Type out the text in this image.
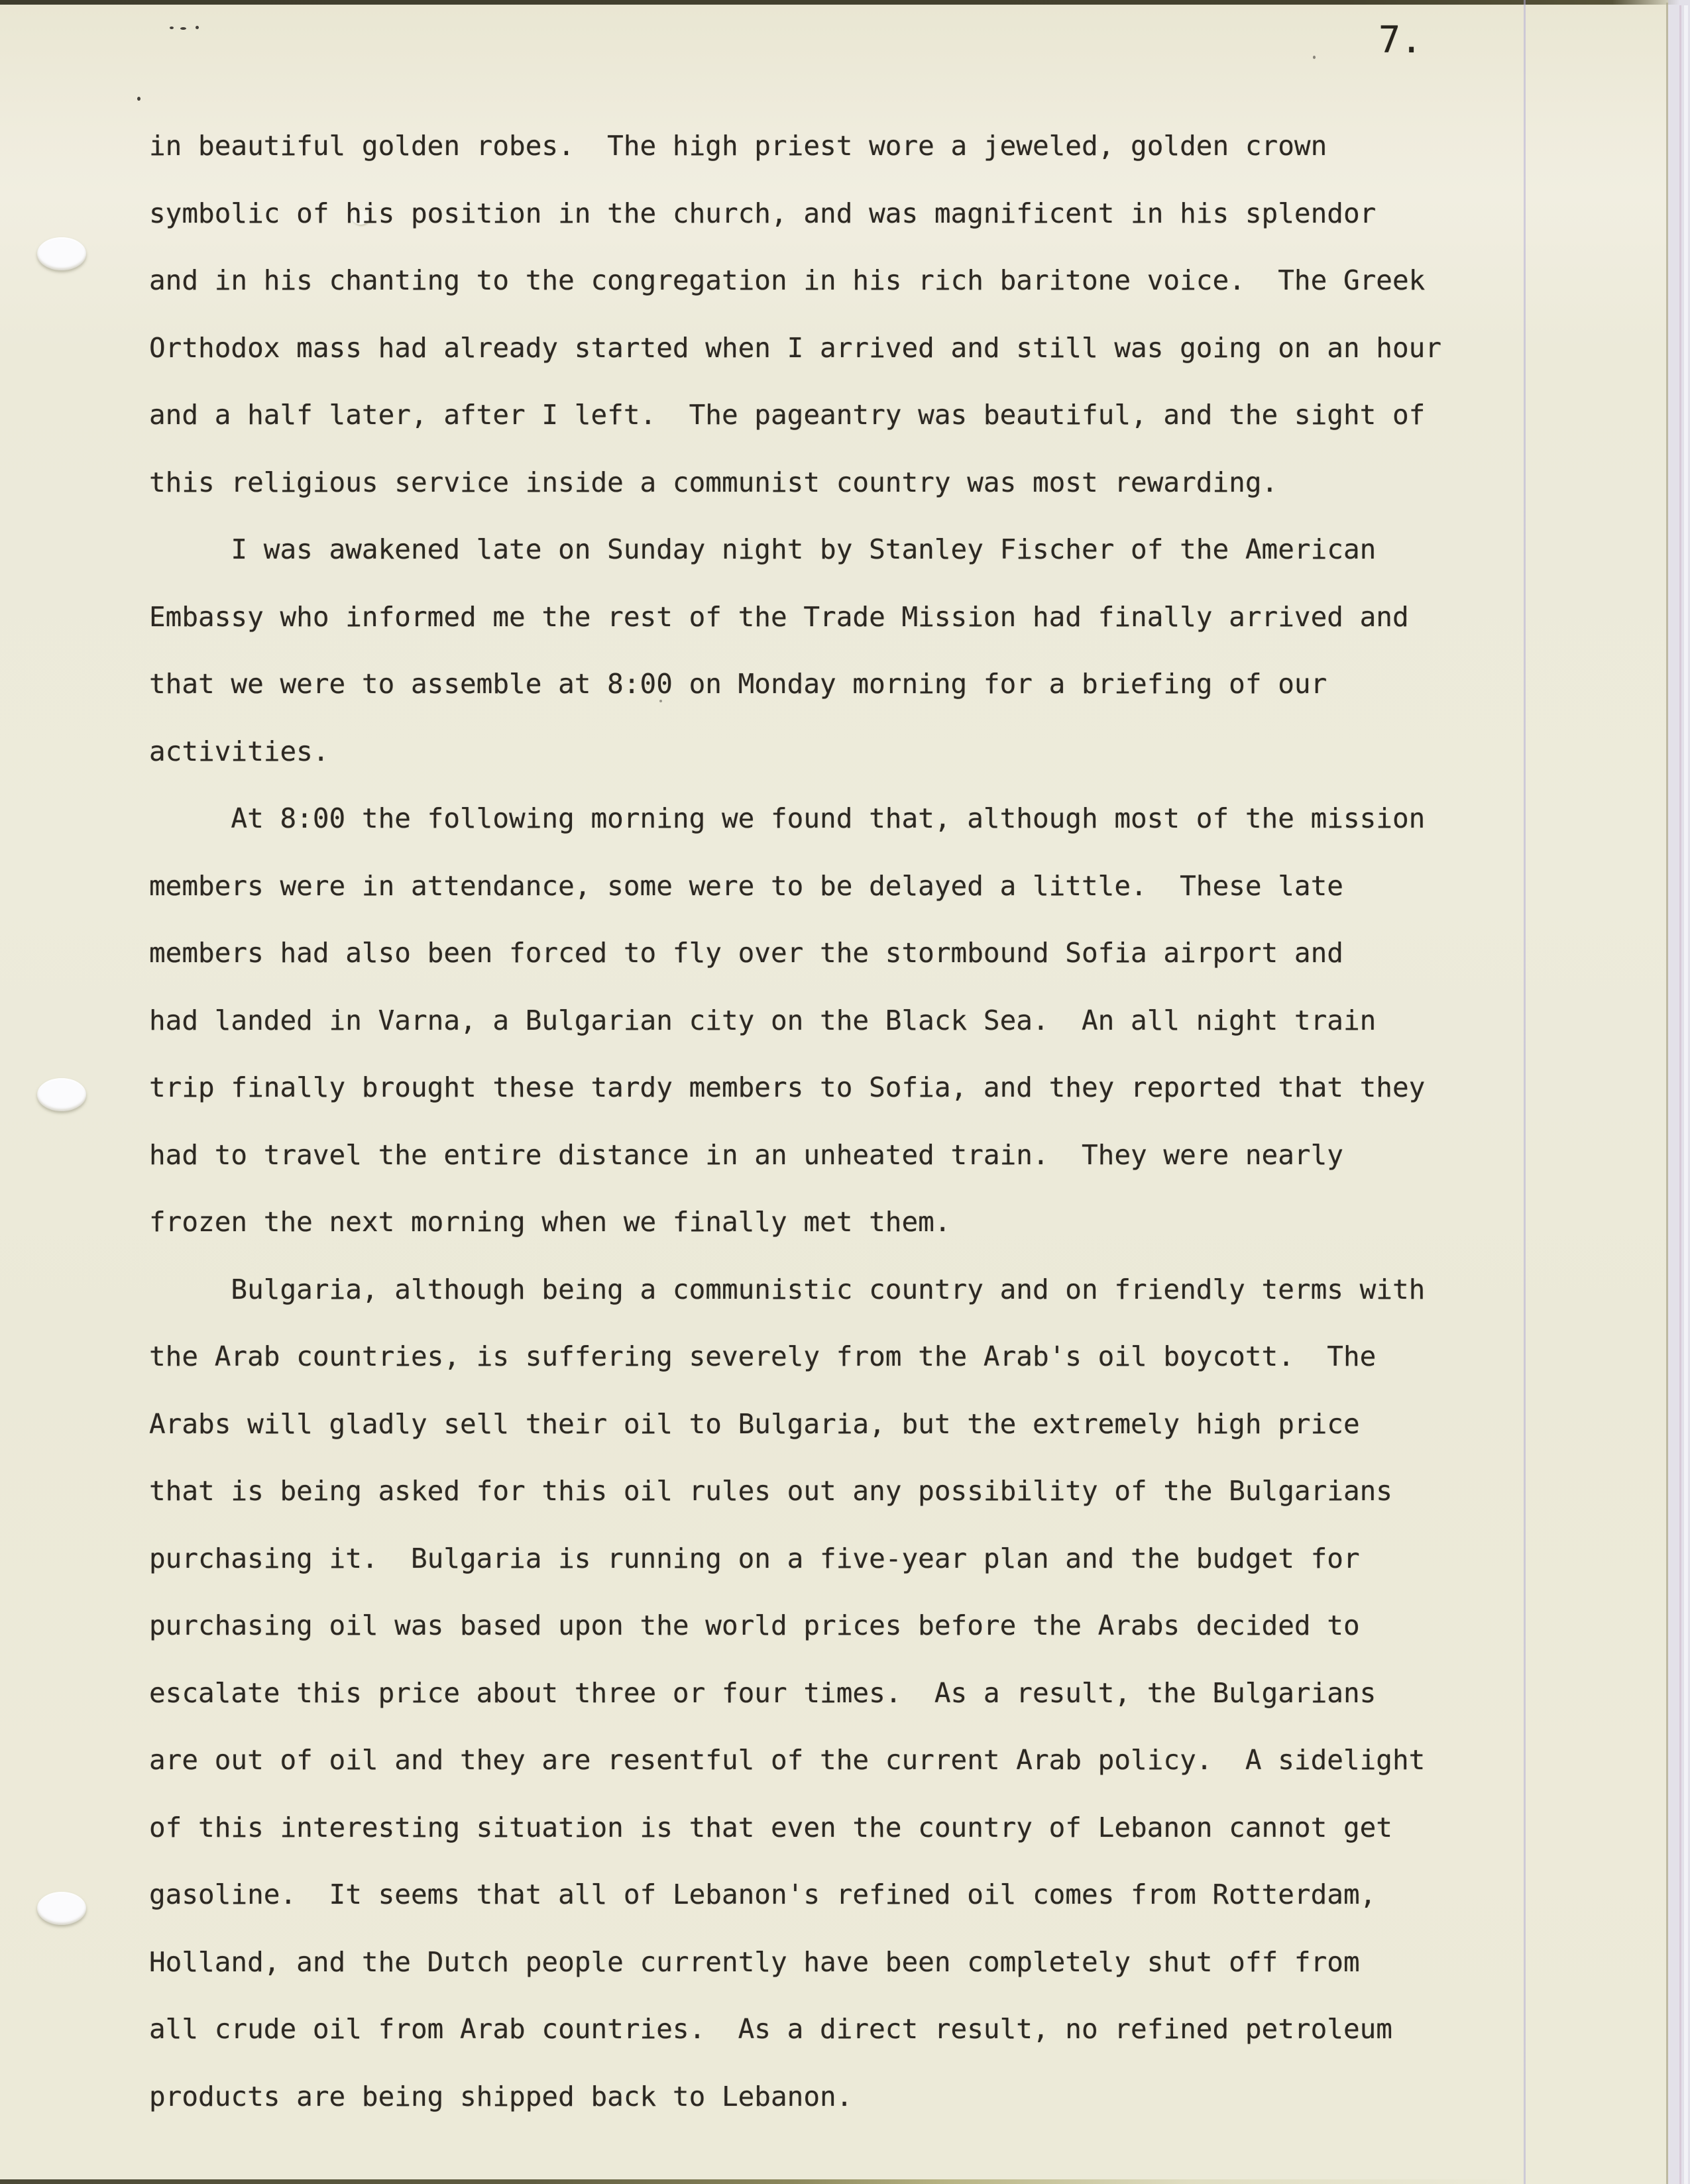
7.
in beautiful golden robes.  The high priest wore a jeweled, golden crown
symbolic of his position in the church, and was magnificent in his splendor
and in his chanting to the congregation in his rich baritone voice.  The Greek
Orthodox mass had already started when I arrived and still was going on an hour
and a half later, after I left.  The pageantry was beautiful, and the sight of
this religious service inside a communist country was most rewarding.
I was awakened late on Sunday night by Stanley Fischer of the American
Embassy who informed me the rest of the Trade Mission had finally arrived and
that we were to assemble at 8:00 on Monday morning for a briefing of our
activities.
At 8:00 the following morning we found that, although most of the mission
members were in attendance, some were to be delayed a little.  These late
members had also been forced to fly over the stormbound Sofia airport and
had landed in Varna, a Bulgarian city on the Black Sea.  An all night train
trip finally brought these tardy members to Sofia, and they reported that they
had to travel the entire distance in an unheated train.  They were nearly
frozen the next morning when we finally met them.
Bulgaria, although being a communistic country and on friendly terms with
the Arab countries, is suffering severely from the Arab's oil boycott.  The
Arabs will gladly sell their oil to Bulgaria, but the extremely high price
that is being asked for this oil rules out any possibility of the Bulgarians
purchasing it.  Bulgaria is running on a five-year plan and the budget for
purchasing oil was based upon the world prices before the Arabs decided to
escalate this price about three or four times.  As a result, the Bulgarians
are out of oil and they are resentful of the current Arab policy.  A sidelight
of this interesting situation is that even the country of Lebanon cannot get
gasoline.  It seems that all of Lebanon's refined oil comes from Rotterdam,
Holland, and the Dutch people currently have been completely shut off from
all crude oil from Arab countries.  As a direct result, no refined petroleum
products are being shipped back to Lebanon.
